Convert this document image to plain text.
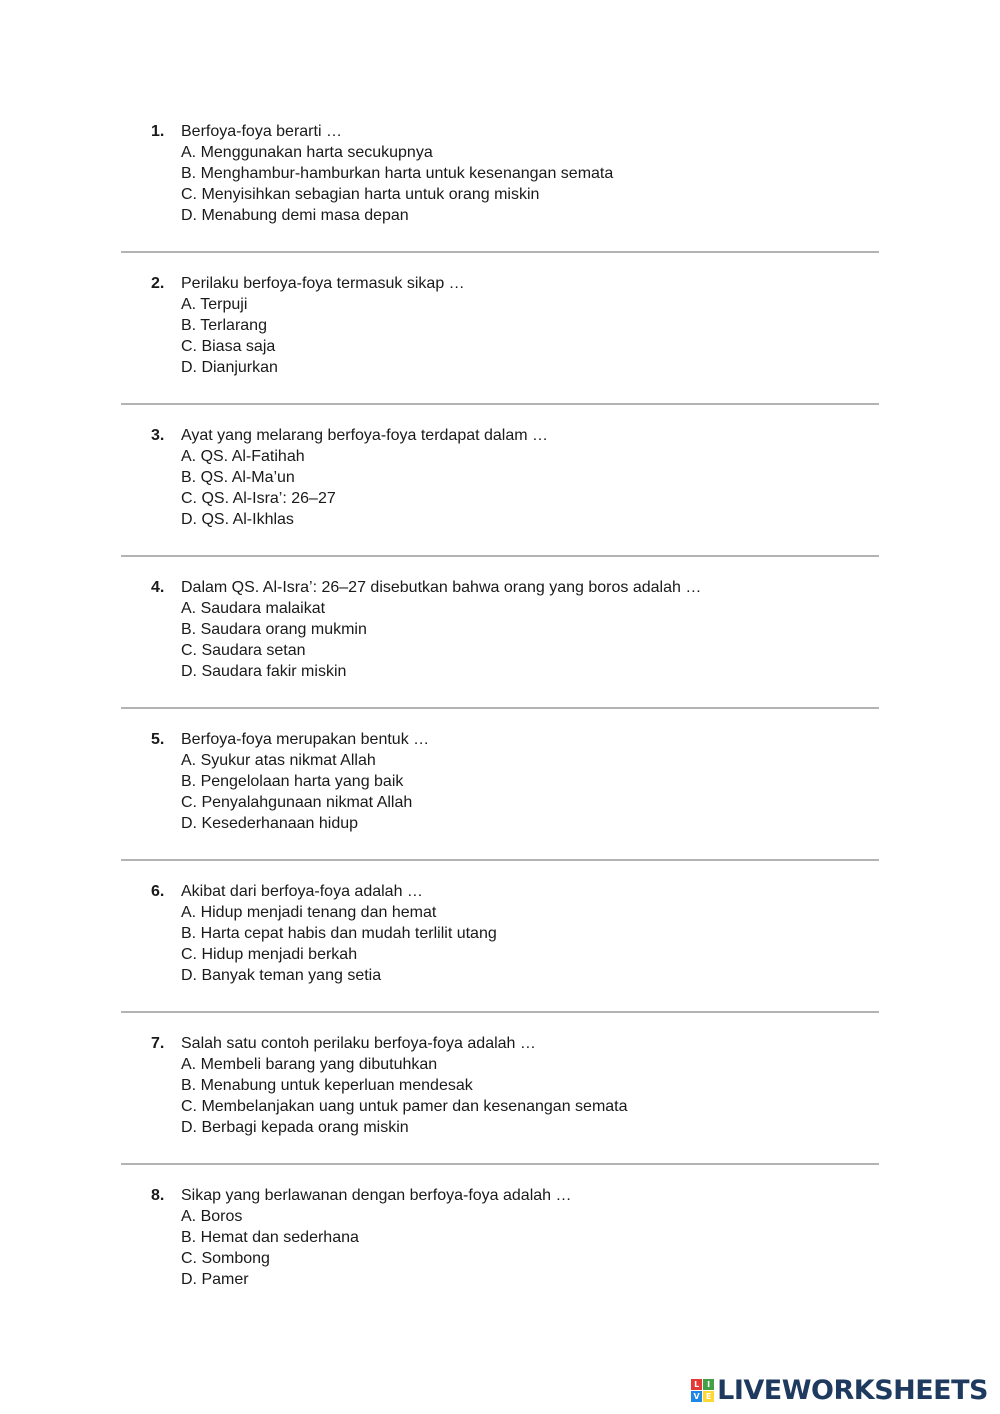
1.	Berfoya-foya berarti …
A. Menggunakan harta secukupnya
B. Menghambur-hamburkan harta untuk kesenangan semata
C. Menyisihkan sebagian harta untuk orang miskin
D. Menabung demi masa depan
2.	Perilaku berfoya-foya termasuk sikap …
A. Terpuji
B. Terlarang
C. Biasa saja
D. Dianjurkan
3.	Ayat yang melarang berfoya-foya terdapat dalam …
A. QS. Al-Fatihah
B. QS. Al-Ma’un
C. QS. Al-Isra’: 26–27
D. QS. Al-Ikhlas
4.	Dalam QS. Al-Isra’: 26–27 disebutkan bahwa orang yang boros adalah …
A. Saudara malaikat
B. Saudara orang mukmin
C. Saudara setan
D. Saudara fakir miskin
5.	Berfoya-foya merupakan bentuk …
A. Syukur atas nikmat Allah
B. Pengelolaan harta yang baik
C. Penyalahgunaan nikmat Allah
D. Kesederhanaan hidup
6.	Akibat dari berfoya-foya adalah …
A. Hidup menjadi tenang dan hemat
B. Harta cepat habis dan mudah terlilit utang
C. Hidup menjadi berkah
D. Banyak teman yang setia
7.	Salah satu contoh perilaku berfoya-foya adalah …
A. Membeli barang yang dibutuhkan
B. Menabung untuk keperluan mendesak
C. Membelanjakan uang untuk pamer dan kesenangan semata
D. Berbagi kepada orang miskin
8.	Sikap yang berlawanan dengan berfoya-foya adalah …
A. Boros
B. Hemat dan sederhana
C. Sombong
D. Pamer
L I
V E LIVEWORKSHEETS
